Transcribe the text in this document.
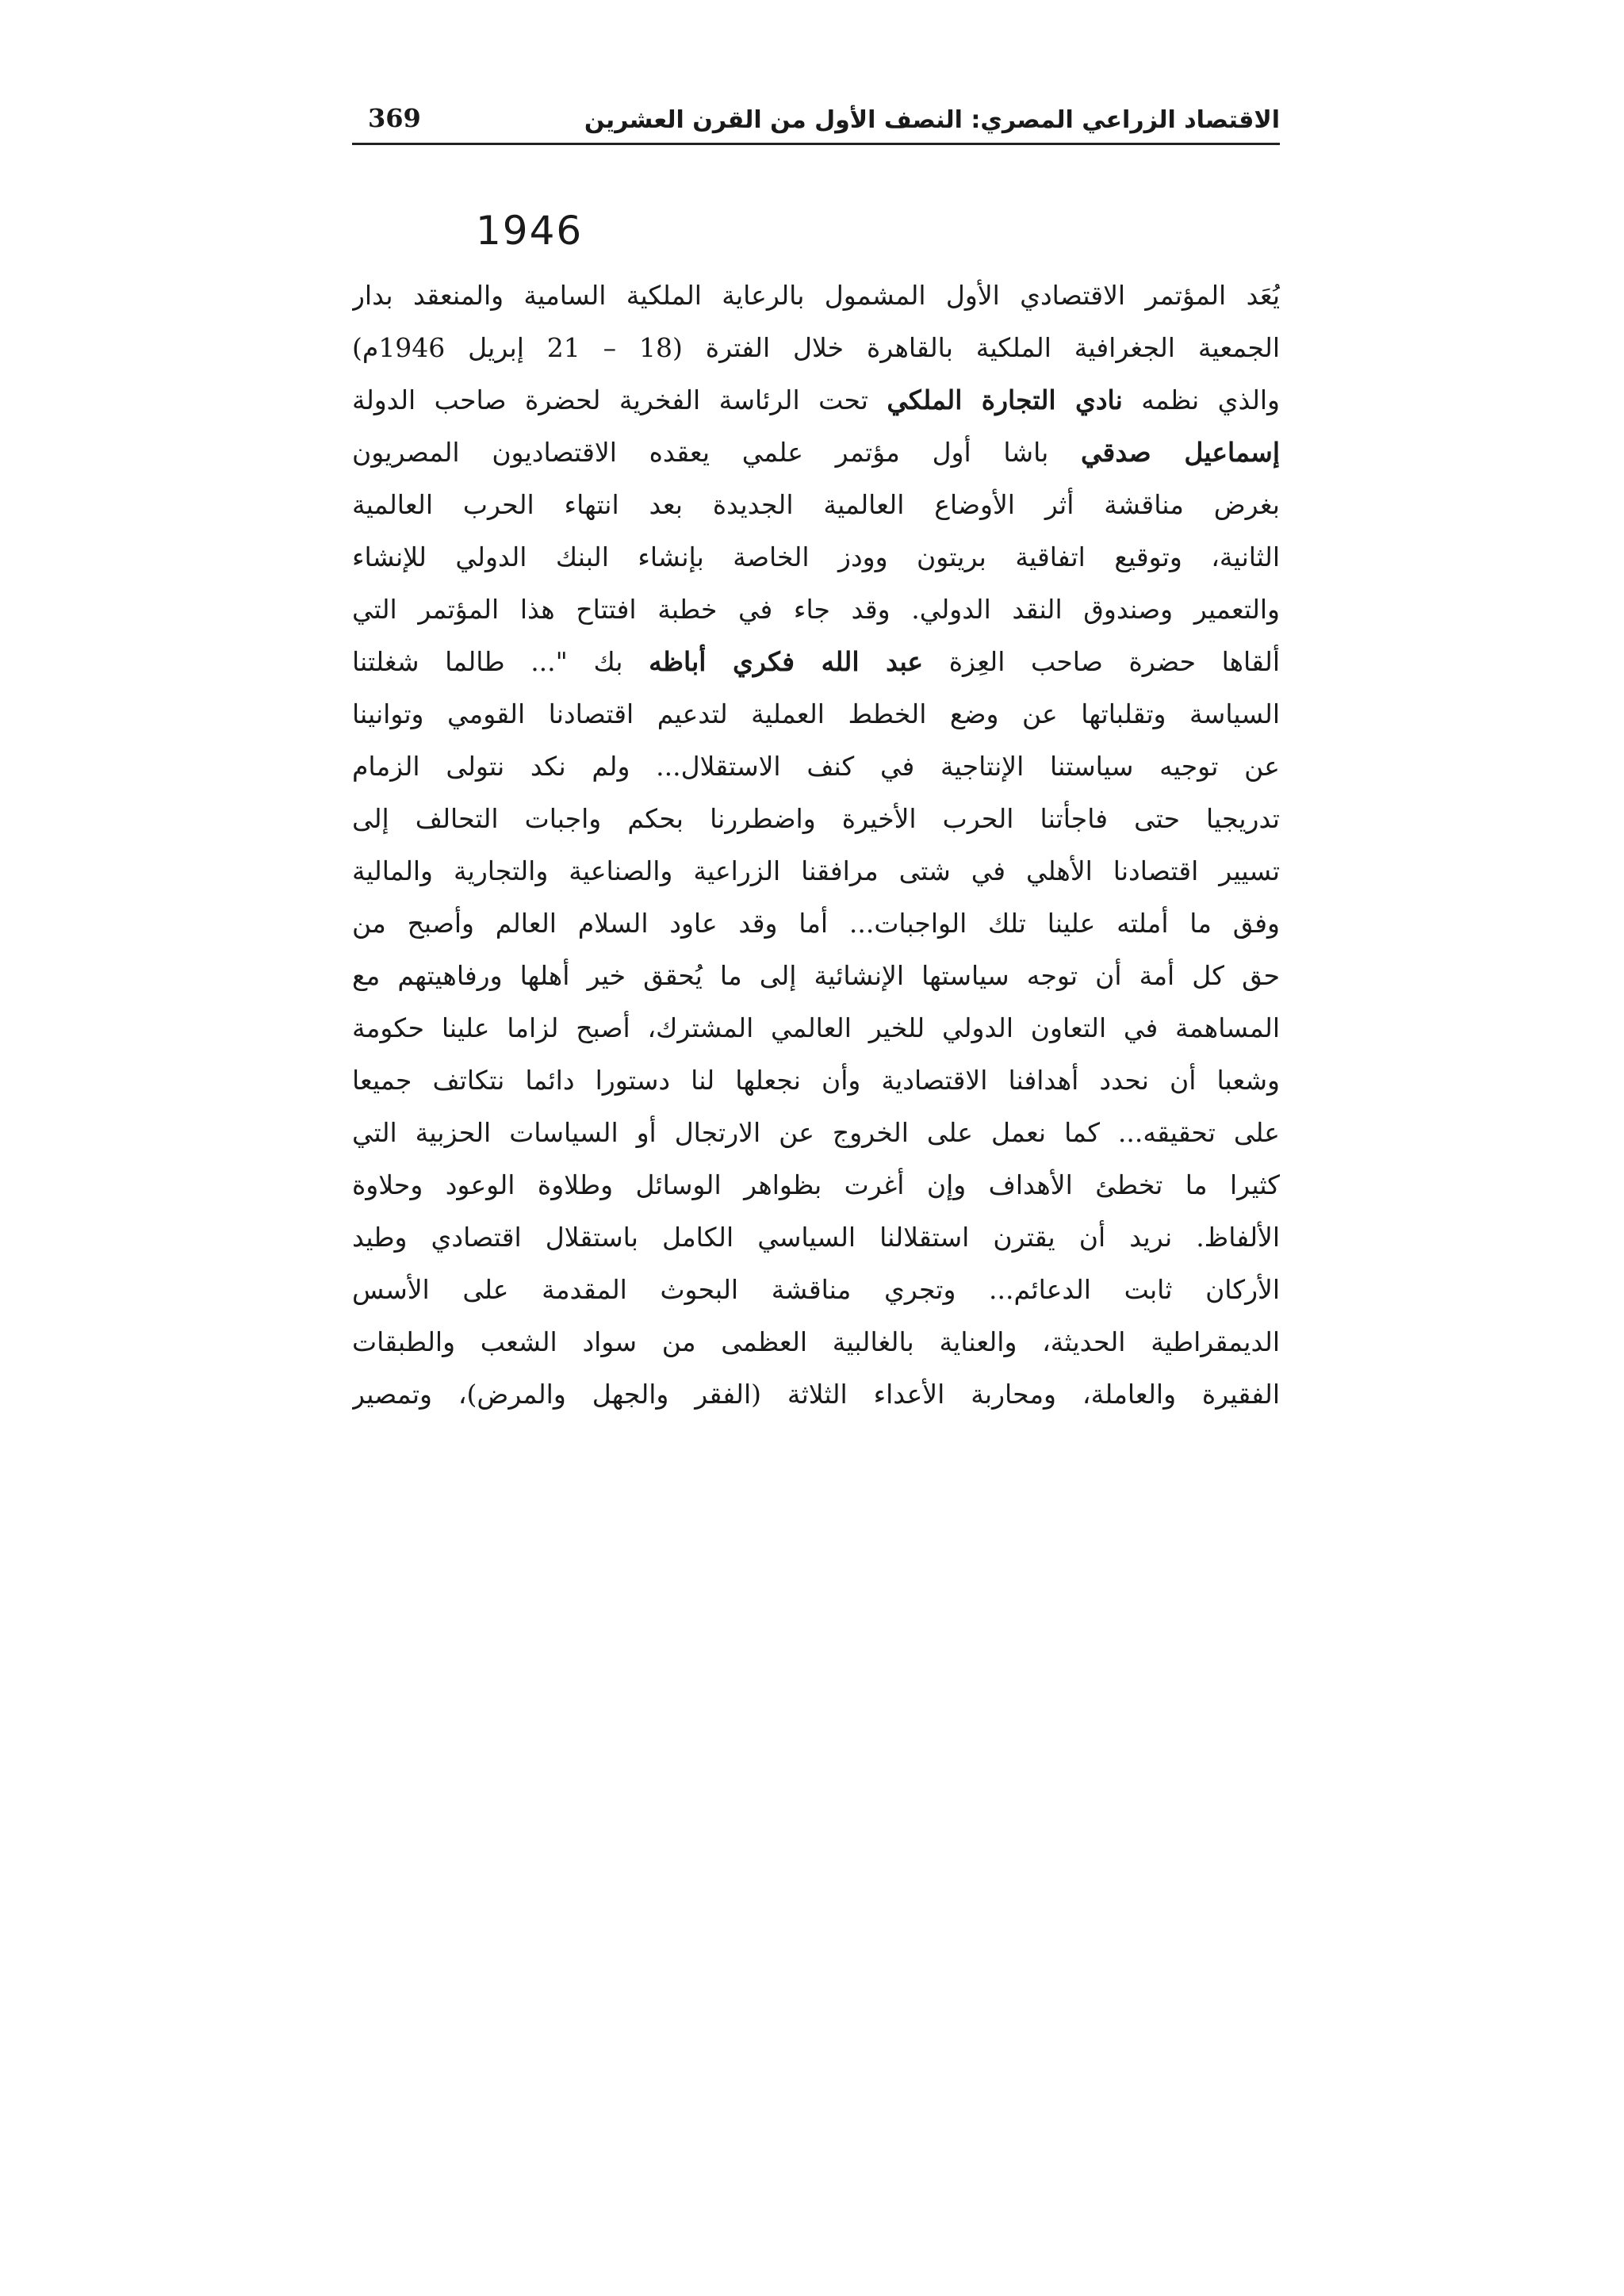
369	الاقتصاد الزراعي المصري: النصف الأول من القرن العشرين
1946
يُعَد المؤتمر الاقتصادي الأول المشمول بالرعاية الملكية السامية والمنعقد بدار
الجمعية الجغرافية الملكية بالقاهرة خلال الفترة (18 – 21 إبريل 1946م)
والذي نظمه نادي التجارة الملكي تحت الرئاسة الفخرية لحضرة صاحب الدولة
إسماعيل صدقي باشا أول مؤتمر علمي يعقده الاقتصاديون المصريون
بغرض مناقشة أثر الأوضاع العالمية الجديدة بعد انتهاء الحرب العالمية
الثانية، وتوقيع اتفاقية بريتون وودز الخاصة بإنشاء البنك الدولي للإنشاء
والتعمير وصندوق النقد الدولي. وقد جاء في خطبة افتتاح هذا المؤتمر التي
ألقاها حضرة صاحب العِزة عبد الله فكري أباظه بك "... طالما شغلتنا
السياسة وتقلباتها عن وضع الخطط العملية لتدعيم اقتصادنا القومي وتوانينا
عن توجيه سياستنا الإنتاجية في كنف الاستقلال... ولم نكد نتولى الزمام
تدريجيا حتى فاجأتنا الحرب الأخيرة واضطررنا بحكم واجبات التحالف إلى
تسيير اقتصادنا الأهلي في شتى مرافقنا الزراعية والصناعية والتجارية والمالية
وفق ما أملته علينا تلك الواجبات... أما وقد عاود السلام العالم وأصبح من
حق كل أمة أن توجه سياستها الإنشائية إلى ما يُحقق خير أهلها ورفاهيتهم مع
المساهمة في التعاون الدولي للخير العالمي المشترك، أصبح لزاما علينا حكومة
وشعبا أن نحدد أهدافنا الاقتصادية وأن نجعلها لنا دستورا دائما نتكاتف جميعا
على تحقيقه... كما نعمل على الخروج عن الارتجال أو السياسات الحزبية التي
كثيرا ما تخطئ الأهداف وإن أغرت بظواهر الوسائل وطلاوة الوعود وحلاوة
الألفاظ. نريد أن يقترن استقلالنا السياسي الكامل باستقلال اقتصادي وطيد
الأركان ثابت الدعائم... وتجري مناقشة البحوث المقدمة على الأسس
الديمقراطية الحديثة، والعناية بالغالبية العظمى من سواد الشعب والطبقات
الفقيرة والعاملة، ومحاربة الأعداء الثلاثة (الفقر والجهل والمرض)، وتمصير
